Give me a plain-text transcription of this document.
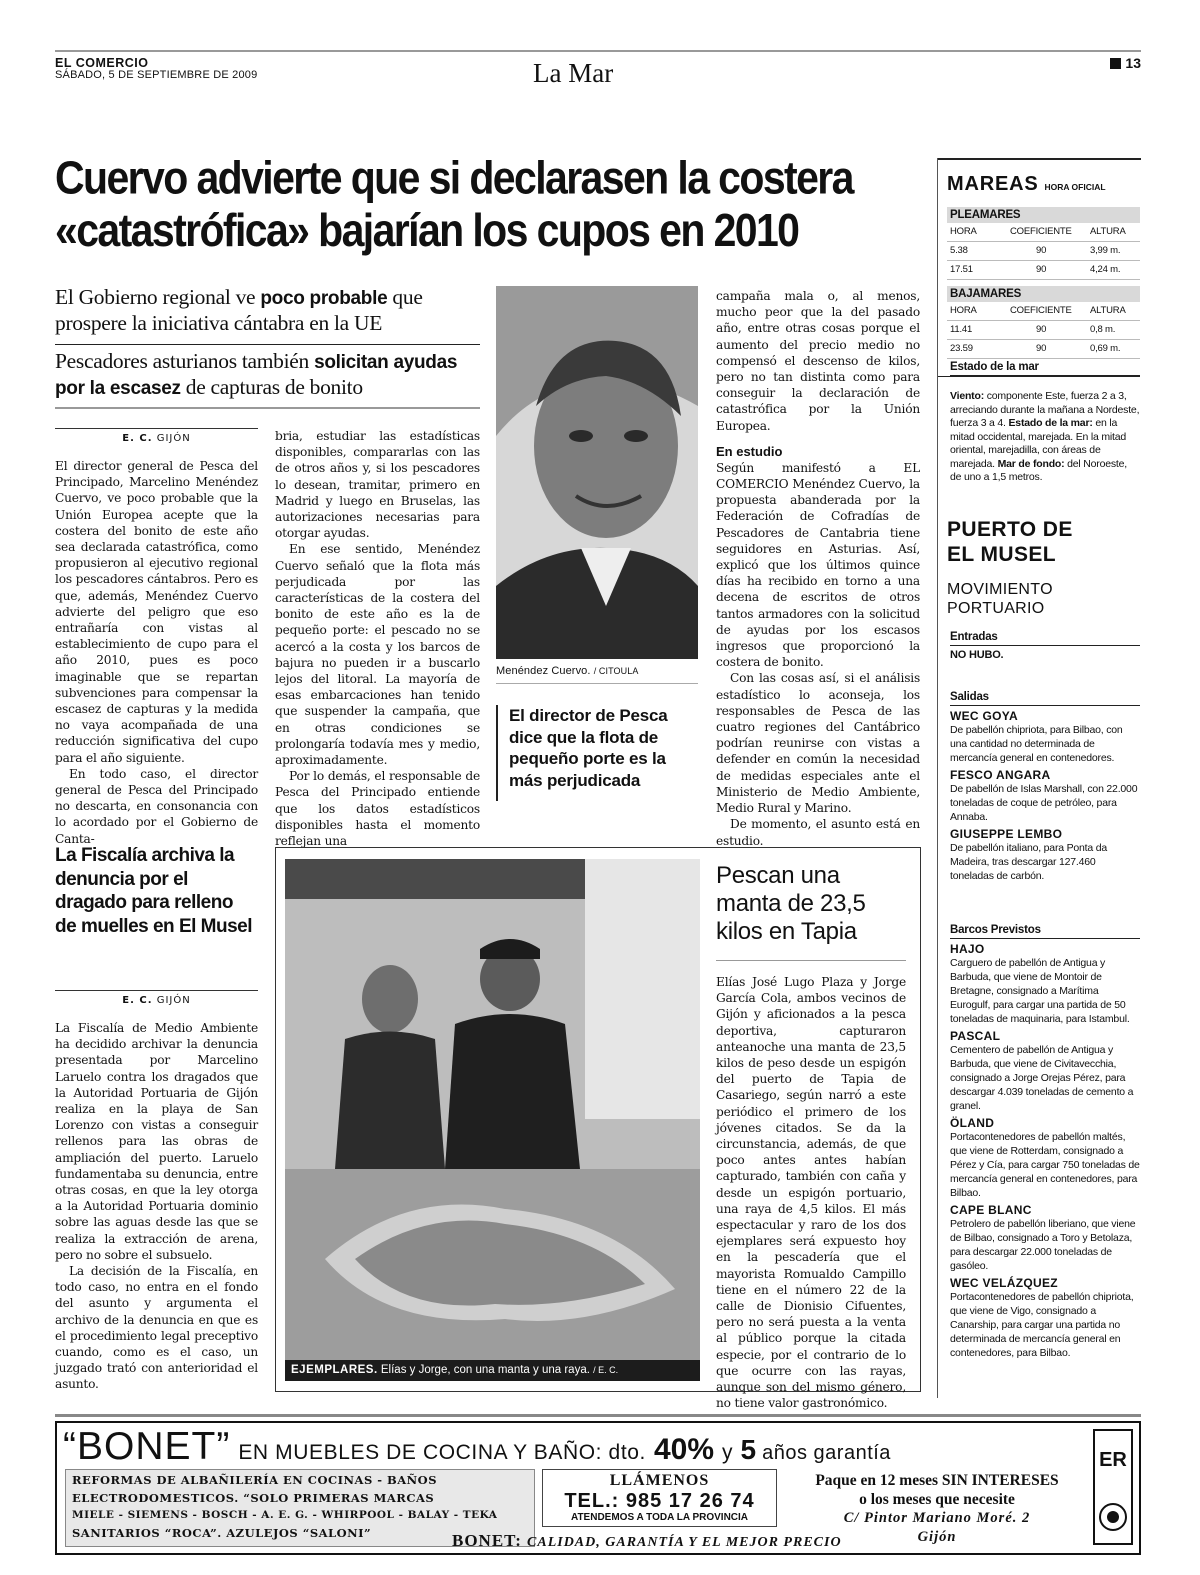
EL COMERCIO
SÁBADO, 5 DE SEPTIEMBRE DE 2009	La Mar	13
Cuervo advierte que si declarasen la costera
«catastrófica» bajarían los cupos en 2010
El Gobierno regional ve poco probable que prospere la iniciativa cántabra en la UE
Pescadores asturianos también solicitan ayudas por la escasez de capturas de bonito
E. C. GIJÓN

El director general de Pesca del Principado, Marcelino Menéndez Cuervo, ve poco probable que la Unión Europea acepte que la costera del bonito de este año sea declarada catastrófica, como propusieron al ejecutivo regional los pescadores cántabros. Pero es que, además, Menéndez Cuervo advierte del peligro que eso entrañaría con vistas al establecimiento de cupo para el año 2010, pues es poco imaginable que se repartan subvenciones para compensar la escasez de capturas y la medida no vaya acompañada de una reducción significativa del cupo para el año siguiente.

En todo caso, el director general de Pesca del Principado no descarta, en consonancia con lo acordado por el Gobierno de Canta-

bria, estudiar las estadísticas disponibles, compararlas con las de otros años y, si los pescadores lo desean, tramitar, primero en Madrid y luego en Bruselas, las autorizaciones necesarias para otorgar ayudas.

En ese sentido, Menéndez Cuervo señaló que la flota más perjudicada por las características de la costera del bonito de este año es la de pequeño porte: el pescado no se acercó a la costa y los barcos de bajura no pueden ir a buscarlo lejos del litoral. La mayoría de esas embarcaciones han tenido que suspender la campaña, que en otras condiciones se prolongaría todavía mes y medio, aproximadamente.

Por lo demás, el responsable de Pesca del Principado entiende que los datos estadísticos disponibles hasta el momento reflejan una

Menéndez Cuervo. / CITOULA
El director de Pesca dice que la flota de pequeño porte es la más perjudicada

campaña mala o, al menos, mucho peor que la del pasado año, entre otras cosas porque el aumento del precio medio no compensó el descenso de kilos, pero no tan distinta como para conseguir la declaración de catastrófica por la Unión Europea.

En estudio

Según manifestó a EL COMERCIO Menéndez Cuervo, la propuesta abanderada por la Federación de Cofradías de Pescadores de Cantabria tiene seguidores en Asturias. Así, explicó que los últimos quince días ha recibido en torno a una decena de escritos de otros tantos armadores con la solicitud de ayudas por los escasos ingresos que proporcionó la costera de bonito.

Con las cosas así, si el análisis estadístico lo aconseja, los responsables de Pesca de las cuatro regiones del Cantábrico podrían reunirse con vistas a defender en común la necesidad de medidas especiales ante el Ministerio de Medio Ambiente, Medio Rural y Marino.

De momento, el asunto está en estudio.

La Fiscalía archiva la denuncia por el dragado para relleno de muelles en El Musel
E. C. GIJÓN

La Fiscalía de Medio Ambiente ha decidido archivar la denuncia presentada por Marcelino Laruelo contra los dragados que la Autoridad Portuaria de Gijón realiza en la playa de San Lorenzo con vistas a conseguir rellenos para las obras de ampliación del puerto. Laruelo fundamentaba su denuncia, entre otras cosas, en que la ley otorga a la Autoridad Portuaria dominio sobre las aguas desde las que se realiza la extracción de arena, pero no sobre el subsuelo.

La decisión de la Fiscalía, en todo caso, no entra en el fondo del asunto y argumenta el archivo de la denuncia en que es el procedimiento legal preceptivo cuando, como es el caso, un juzgado trató con anterioridad el asunto.

EJEMPLARES. Elías y Jorge, con una manta y una raya. / E. C.
Pescan una manta de 23,5 kilos en Tapia

Elías José Lugo Plaza y Jorge García Cola, ambos vecinos de Gijón y aficionados a la pesca deportiva, capturaron anteanoche una manta de 23,5 kilos de peso desde un espigón del puerto de Tapia de Casariego, según narró a este periódico el primero de los jóvenes citados. Se da la circunstancia, además, de que poco antes antes habían capturado, también con caña y desde un espigón portuario, una raya de 4,5 kilos. El más espectacular y raro de los dos ejemplares será expuesto hoy en la pescadería que el mayorista Romualdo Campillo tiene en el número 22 de la calle de Dionisio Cifuentes, pero no será puesta a la venta al público porque la citada especie, por el contrario de lo que ocurre con las rayas, aunque son del mismo género, no tiene valor gastronómico.

MAREAS HORA OFICIAL
PLEAMARES
HORA	COEFICIENTE	ALTURA
5.38	90	3,99 m.
17.51	90	4,24 m.
BAJAMARES
HORA	COEFICIENTE	ALTURA
11.41	90	0,8 m.
23.59	90	0,69 m.
Estado de la mar
Viento: componente Este, fuerza 2 a 3, arreciando durante la mañana a Nordeste, fuerza 3 a 4. Estado de la mar: en la mitad occidental, marejada. En la mitad oriental, marejadilla, con áreas de marejada. Mar de fondo: del Noroeste, de uno a 1,5 metros.
PUERTO DE
EL MUSEL
MOVIMIENTO
PORTUARIO
Entradas
NO HUBO.
Salidas
WEC GOYA
De pabellón chipriota, para Bilbao, con una cantidad no determinada de mercancía general en contenedores.
FESCO ANGARA
De pabellón de Islas Marshall, con 22.000 toneladas de coque de petróleo, para Annaba.
GIUSEPPE LEMBO
De pabellón italiano, para Ponta da Madeira, tras descargar 127.460 toneladas de carbón.
Barcos Previstos
HAJO
Carguero de pabellón de Antigua y Barbuda, que viene de Montoir de Bretagne, consignado a Marítima Eurogulf, para cargar una partida de 50 toneladas de maquinaria, para Istambul.
PASCAL
Cementero de pabellón de Antigua y Barbuda, que viene de Civitavecchia, consignado a Jorge Orejas Pérez, para descargar 4.039 toneladas de cemento a granel.
ÖLAND
Portacontenedores de pabellón maltés, que viene de Rotterdam, consignado a Pérez y Cía, para cargar 750 toneladas de mercancía general en contenedores, para Bilbao.
CAPE BLANC
Petrolero de pabellón liberiano, que viene de Bilbao, consignado a Toro y Betolaza, para descargar 22.000 toneladas de gasóleo.
WEC VELÁZQUEZ
Portacontenedores de pabellón chipriota, que viene de Vigo, consignado a Canarship, para cargar una partida no determinada de mercancía general en contenedores, para Bilbao.
“BONET” EN MUEBLES DE COCINA Y BAÑO: dto. 40% y 5 años garantía	ER
REFORMAS DE ALBAÑILERÍA EN COCINAS - BAÑOS
ELECTRODOMESTICOS. “SOLO PRIMERAS MARCAS
MIELE - SIEMENS - BOSCH - A. E. G. - WHIRPOOL - BALAY - TEKA
SANITARIOS “ROCA”. AZULEJOS “SALONI”
LLÁMENOS
TEL.: 985 17 26 74
ATENDEMOS A TODA LA PROVINCIA
Paque en 12 meses SIN INTERESES
o los meses que necesite
C/ Pintor Mariano Moré. 2
Gijón
BONET: CALIDAD, GARANTÍA Y EL MEJOR PRECIO
